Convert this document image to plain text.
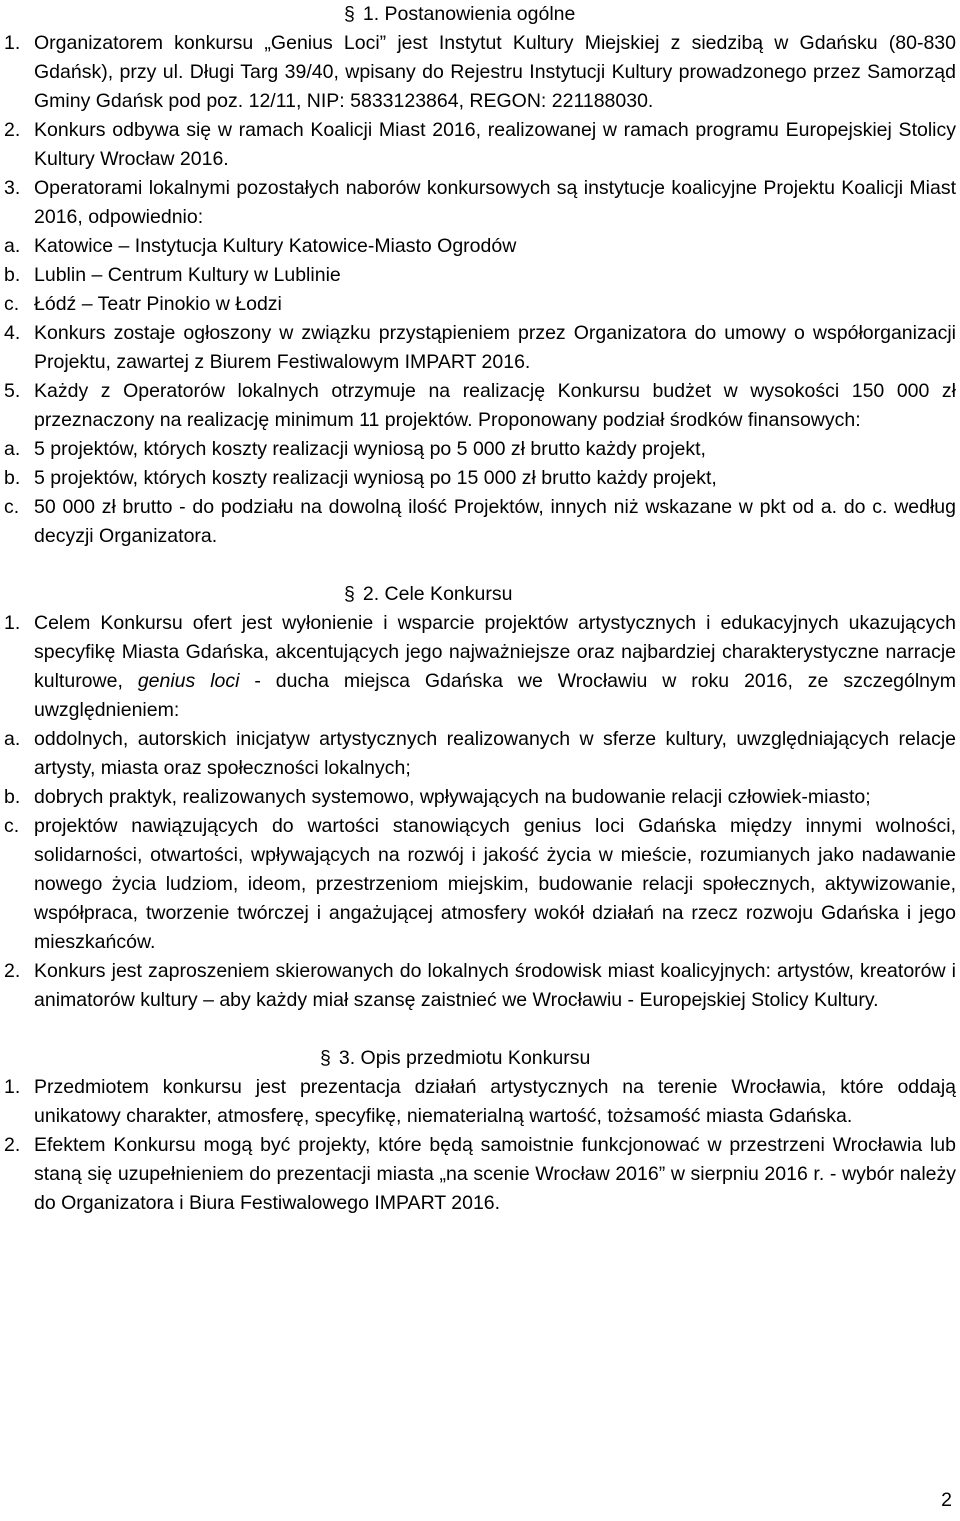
§ 1. Postanowienia ogólne
1. Organizatorem konkursu „Genius Loci” jest Instytut Kultury Miejskiej z siedzibą w Gdańsku (80-830 Gdańsk), przy ul. Długi Targ 39/40, wpisany do Rejestru Instytucji Kultury prowadzonego przez Samorząd Gminy Gdańsk pod poz. 12/11, NIP: 5833123864, REGON: 221188030.
2. Konkurs odbywa się w ramach Koalicji Miast 2016, realizowanej w ramach programu Europejskiej Stolicy Kultury Wrocław 2016.
3. Operatorami lokalnymi pozostałych naborów konkursowych są instytucje koalicyjne Projektu Koalicji Miast 2016, odpowiednio:
a. Katowice – Instytucja Kultury Katowice-Miasto Ogrodów
b. Lublin – Centrum Kultury w Lublinie
c. Łódź – Teatr Pinokio w Łodzi
4. Konkurs zostaje ogłoszony w związku przystąpieniem przez Organizatora do umowy o współorganizacji Projektu, zawartej z Biurem Festiwalowym IMPART 2016.
5. Każdy z Operatorów lokalnych otrzymuje na realizację Konkursu budżet w wysokości 150 000 zł przeznaczony na realizację minimum 11 projektów. Proponowany podział środków finansowych:
a. 5 projektów, których koszty realizacji wyniosą po 5 000 zł brutto każdy projekt,
b. 5 projektów, których koszty realizacji wyniosą po 15 000 zł brutto każdy projekt,
c. 50 000 zł brutto - do podziału na dowolną ilość Projektów, innych niż wskazane w pkt od a. do c. według decyzji Organizatora.
§ 2. Cele Konkursu
1. Celem Konkursu ofert jest wyłonienie i wsparcie projektów artystycznych i edukacyjnych ukazujących specyfikę Miasta Gdańska, akcentujących jego najważniejsze oraz najbardziej charakterystyczne narracje kulturowe, genius loci - ducha miejsca Gdańska we Wrocławiu w roku 2016, ze szczególnym uwzględnieniem:
a. oddolnych, autorskich inicjatyw artystycznych realizowanych w sferze kultury, uwzględniających relacje artysty, miasta oraz społeczności lokalnych;
b. dobrych praktyk, realizowanych systemowo, wpływających na budowanie relacji człowiek-miasto;
c. projektów nawiązujących do wartości stanowiących genius loci Gdańska między innymi wolności, solidarności, otwartości, wpływających na rozwój i jakość życia w mieście, rozumianych jako nadawanie nowego życia ludziom, ideom, przestrzeniom miejskim, budowanie relacji społecznych, aktywizowanie, współpraca, tworzenie twórczej i angażującej atmosfery wokół działań na rzecz rozwoju Gdańska i jego mieszkańców.
2. Konkurs jest zaproszeniem skierowanych do lokalnych środowisk miast koalicyjnych: artystów, kreatorów i animatorów kultury – aby każdy miał szansę zaistnieć we Wrocławiu - Europejskiej Stolicy Kultury.
§ 3. Opis przedmiotu Konkursu
1. Przedmiotem konkursu jest prezentacja działań artystycznych na terenie Wrocławia, które oddają unikatowy charakter, atmosferę, specyfikę, niematerialną wartość, tożsamość miasta Gdańska.
2. Efektem Konkursu mogą być projekty, które będą samoistnie funkcjonować w przestrzeni Wrocławia lub staną się uzupełnieniem do prezentacji miasta „na scenie Wrocław 2016” w sierpniu 2016 r. - wybór należy do Organizatora i Biura Festiwalowego IMPART 2016.
2
